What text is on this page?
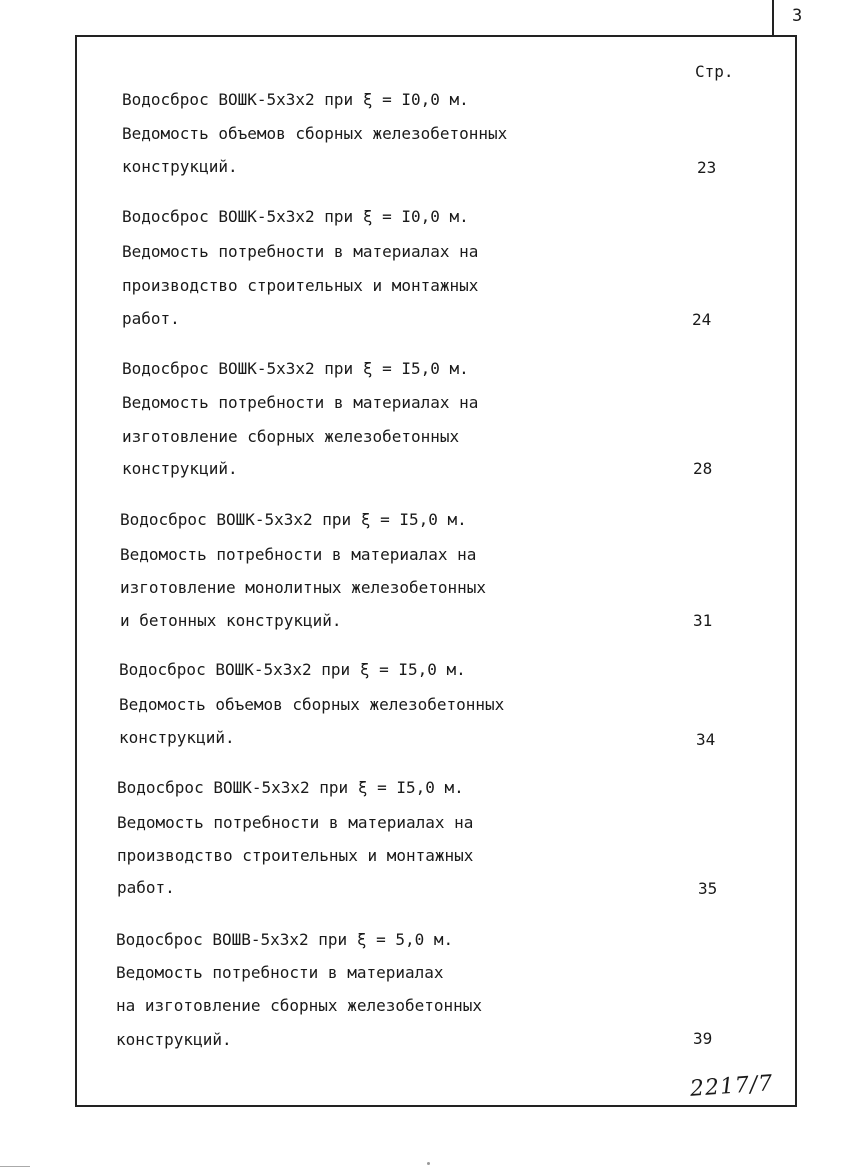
3
Стр.
Водосброс ВОШК-5х3х2 при ξ = I0,0 м.
Ведомость объемов сборных железобетонных
конструкций.	23
Водосброс ВОШК-5х3х2 при ξ = I0,0 м.
Ведомость потребности в материалах на
производство строительных и монтажных
работ.	24
Водосброс ВОШК-5х3х2 при ξ = I5,0 м.
Ведомость потребности в материалах на
изготовление сборных железобетонных
конструкций.	28
Водосброс ВОШК-5х3х2 при ξ = I5,0 м.
Ведомость потребности в материалах на
изготовление монолитных железобетонных
и бетонных конструкций.	31
Водосброс ВОШК-5х3х2 при ξ = I5,0 м.
Ведомость объемов сборных железобетонных
конструкций.	34
Водосброс ВОШК-5х3х2 при ξ = I5,0 м.
Ведомость потребности в материалах на
производство строительных и монтажных
работ.	35
Водосброс ВОШВ-5х3х2 при ξ = 5,0 м.
Ведомость потребности в материалах
на изготовление сборных железобетонных
конструкций.	39
2217/7
